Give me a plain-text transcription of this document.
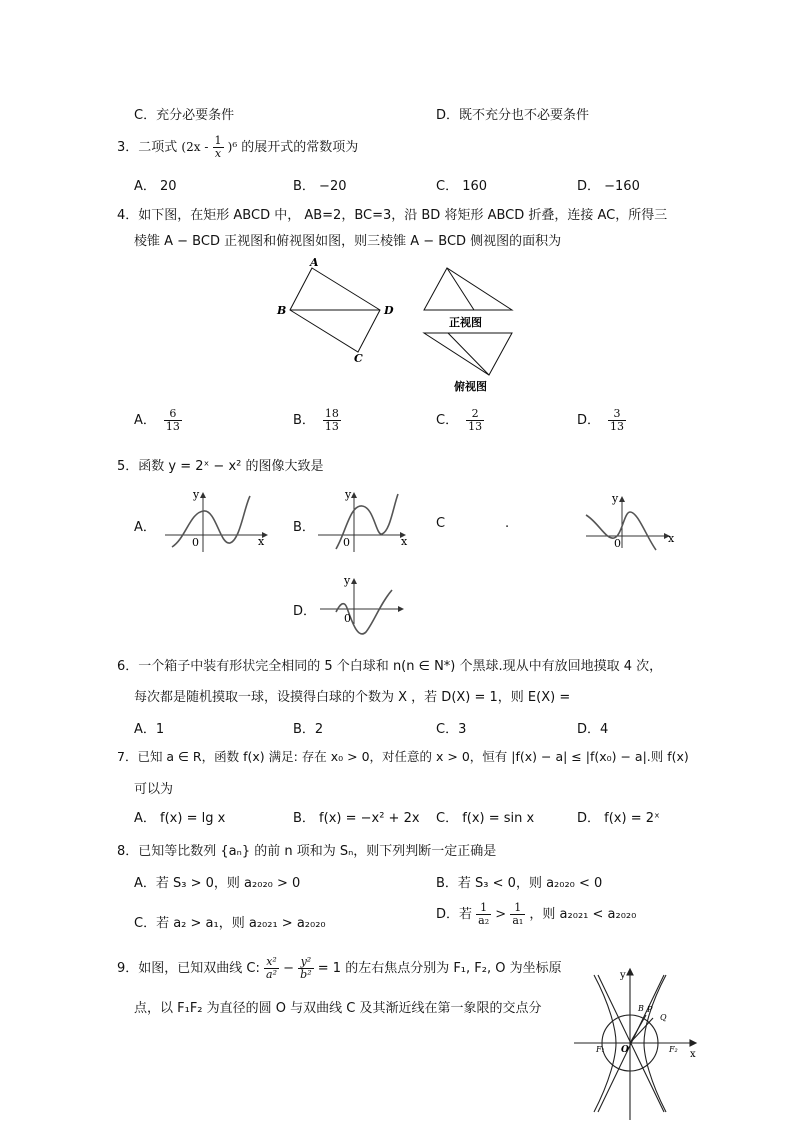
C．充分必要条件	D．既不充分也不必要条件
3．二项式 $(2x - \frac{1}{x} )^6$ 的展开式的常数项为
A． 20	B． −20	C． 160	D． −160
4．如下图，在矩形 ABCD 中， AB=2，BC=3，沿 BD 将矩形 ABCD 折叠，连接 AC，所得三
棱锥 A − BCD 正视图和俯视图如图，则三棱锥 A − BCD 侧视图的面积为
A
B	D
C
正视图
俯视图
A． $\frac{6}{13}$	B． $\frac{18}{13}$	C． $\frac{2}{13}$	D． $\frac{3}{13}$
5．函数 y = 2ˣ − x² 的图像大致是
A．	B．	C	.
D．
0	x
y
0	x
y
0	x
y
0
y
6．一个箱子中装有形状完全相同的 5 个白球和 n(n ∈ N*) 个黑球.现从中有放回地摸取 4 次，
每次都是随机摸取一球，设摸得白球的个数为 X ，若 D(X) = 1，则 E(X) =
A．1	B．2	C．3	D．4
7．已知 a ∈ R，函数 f(x) 满足: 存在 x₀ > 0，对任意的 x > 0，恒有 |f(x) − a| ≤ |f(x₀) − a|.则 f(x)
可以为
A． f(x) = lg x	B． f(x) = −x² + 2x C． f(x) = sin x	D． f(x) = 2ˣ
8．已知等比数列 {aₙ} 的前 n 项和为 Sₙ，则下列判断一定正确是
A．若 S₃ > 0，则 a₂₀₂₀ > 0	B．若 S₃ < 0，则 a₂₀₂₀ < 0
C．若 a₂ > a₁，则 a₂₀₂₁ > a₂₀₂₀
D．若 $\frac{1}{\text{a₂}} > \frac{1}{\text{a₁}}$ ，则 a₂₀₂₁ < a₂₀₂₀
9．如图，已知双曲线 C: $\frac{\text{x²}}{\text{a²}} - \frac{\text{y²}}{\text{b²}} = 1$ 的左右焦点分别为 F₁, F₂, O 为坐标原
点，以 F₁F₂ 为直径的圆 O 与双曲线 C 及其渐近线在第一象限的交点分
y
x
B P
Q
O
F₁	F₂
